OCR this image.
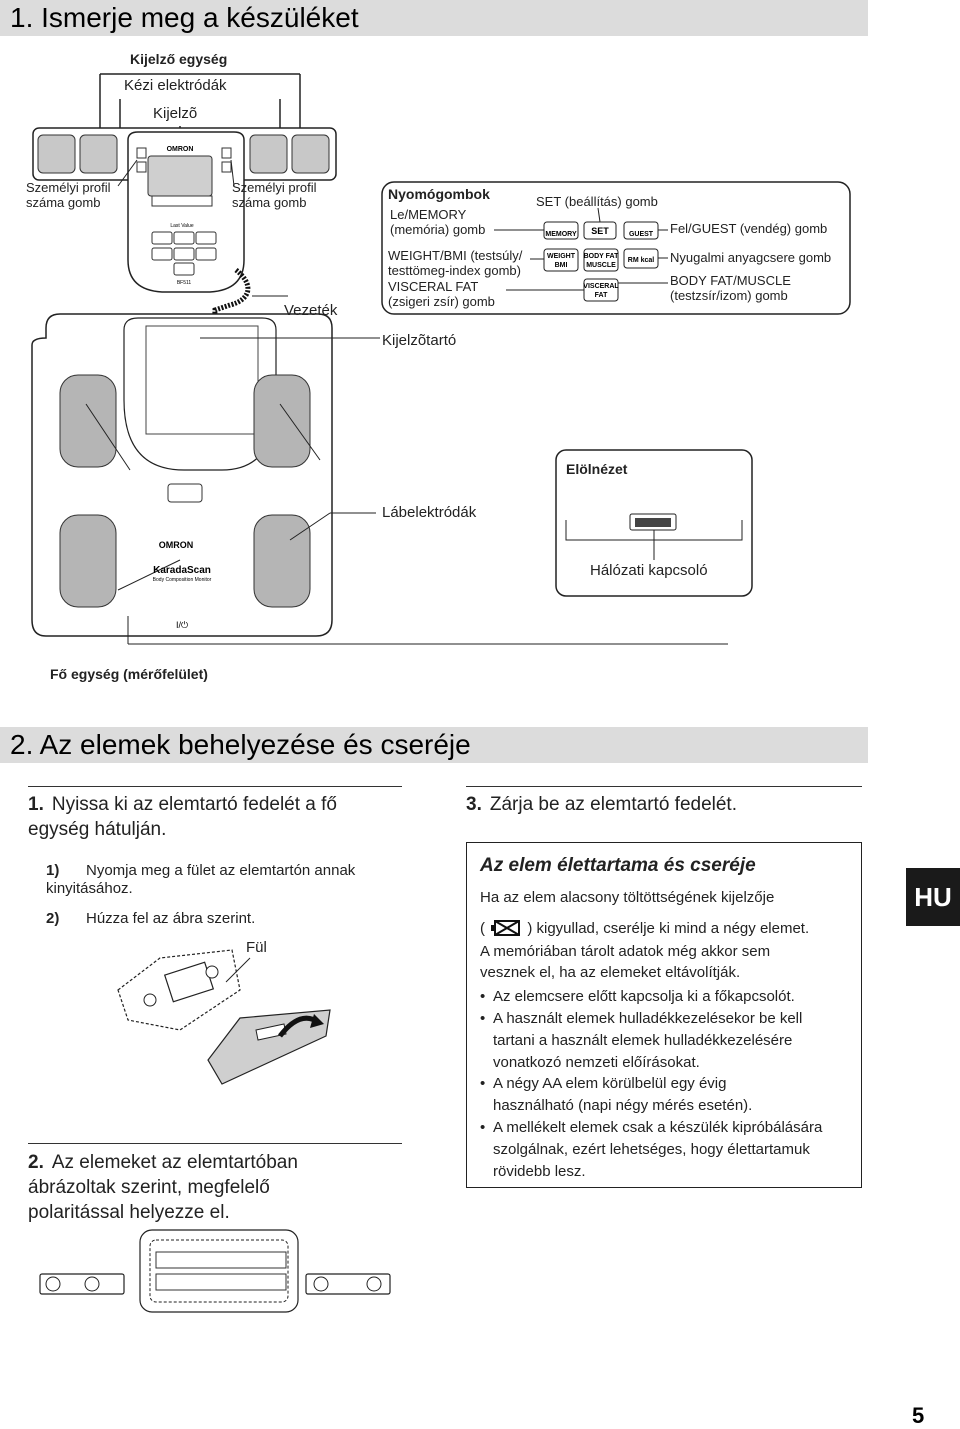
1. Ismerje meg a készüléket
OMRON
Last Value
BF511
OMRON
KaradaScan
Body Composition Monitor
I/⏻
MEMORY SET	GUEST
WEIGHT
BMI
BODY FAT
MUSCLE
RM kcal
VISCERAL
FAT
Kijelző egység
Kézi elektródák
Kijelzõ
Személyi profil
száma gomb
Személyi profil
száma gomb
Vezeték
Kijelzõtartó
Lábelektródák
Fő egység (mérőfelület)
Nyomógombok	SET (beállítás) gomb
Le/MEMORY
(memória) gomb	Fel/GUEST (vendég) gomb
WEIGHT/BMI (testsúly/
testtömeg-index gomb)
Nyugalmi anyagcsere gomb
VISCERAL FAT
(zsigeri zsír) gomb
BODY FAT/MUSCLE
(testzsír/izom) gomb
Elölnézet
Hálózati kapcsoló
2. Az elemek behelyezése és cseréje
1. Nyissa ki az elemtartó fedelét a fő egység hátulján.
1) Nyomja meg a fület az elemtartón annak kinyitásához.
2) Húzza fel az ábra szerint.
Fül
2. Az elemeket az elemtartóban ábrázoltak szerint, megfelelő polaritással helyezze el.
3. Zárja be az elemtartó fedelét.
Az elem élettartama és cseréje
Ha az elem alacsony töltöttségének kijelzője
(	) kigyullad, cserélje ki mind a négy elemet.
A memóriában tárolt adatok még akkor sem
vesznek el, ha az elemeket eltávolítják.
• Az elemcsere előtt kapcsolja ki a főkapcsolót.
• A használt elemek hulladékkezelésekor be kell tartani a használt elemek hulladékkezelésére vonatkozó nemzeti előírásokat.
• A négy AA elem körülbelül egy évig használható (napi négy mérés esetén).
• A mellékelt elemek csak a készülék kipróbálására szolgálnak, ezért lehetséges, hogy élettartamuk rövidebb lesz.
HU
5
